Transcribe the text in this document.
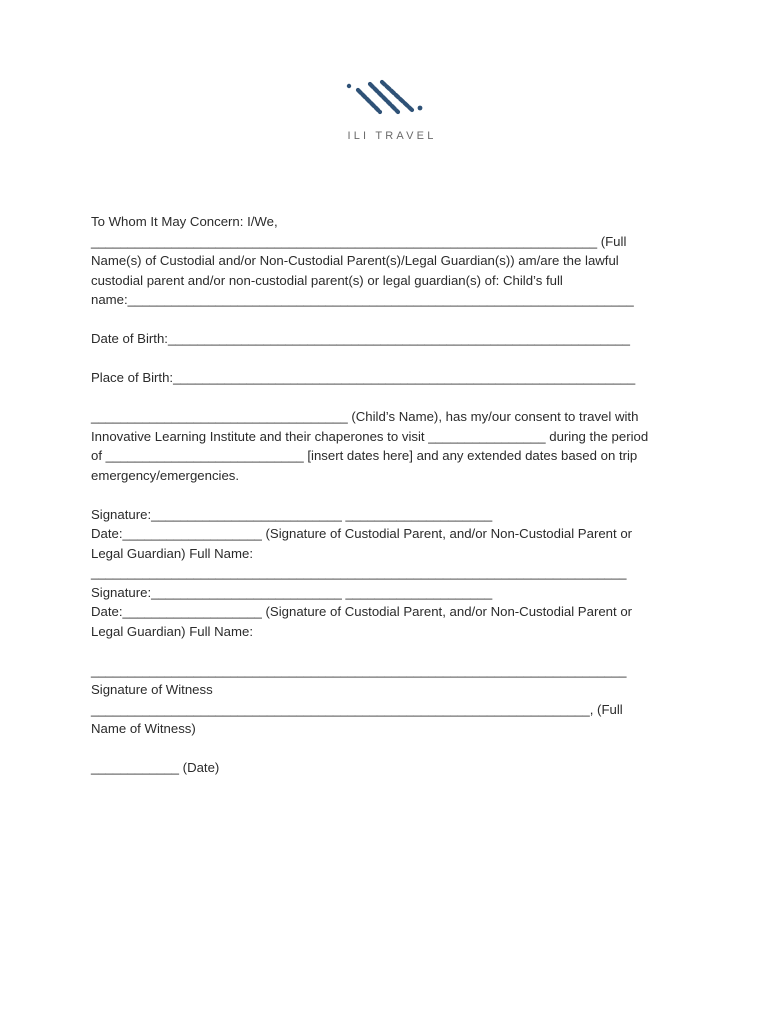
ILI TRAVEL
To Whom It May Concern: I/We,
_____________________________________________________________________ (Full
Name(s) of Custodial and/or Non-Custodial Parent(s)/Legal Guardian(s)) am/are the lawful
custodial parent and/or non-custodial parent(s) or legal guardian(s) of: Child’s full
name:_____________________________________________________________________
Date of Birth:_______________________________________________________________
Place of Birth:_______________________________________________________________
___________________________________ (Child’s Name), has my/our consent to travel with
Innovative Learning Institute and their chaperones to visit ________________ during the period
of ___________________________ [insert dates here] and any extended dates based on trip
emergency/emergencies.
Signature:__________________________ ____________________
Date:___________________ (Signature of Custodial Parent, and/or Non-Custodial Parent or
Legal Guardian) Full Name:
_________________________________________________________________________
Signature:__________________________ ____________________
Date:___________________ (Signature of Custodial Parent, and/or Non-Custodial Parent or
Legal Guardian) Full Name:
_________________________________________________________________________
Signature of Witness
____________________________________________________________________, (Full
Name of Witness)
____________ (Date)
